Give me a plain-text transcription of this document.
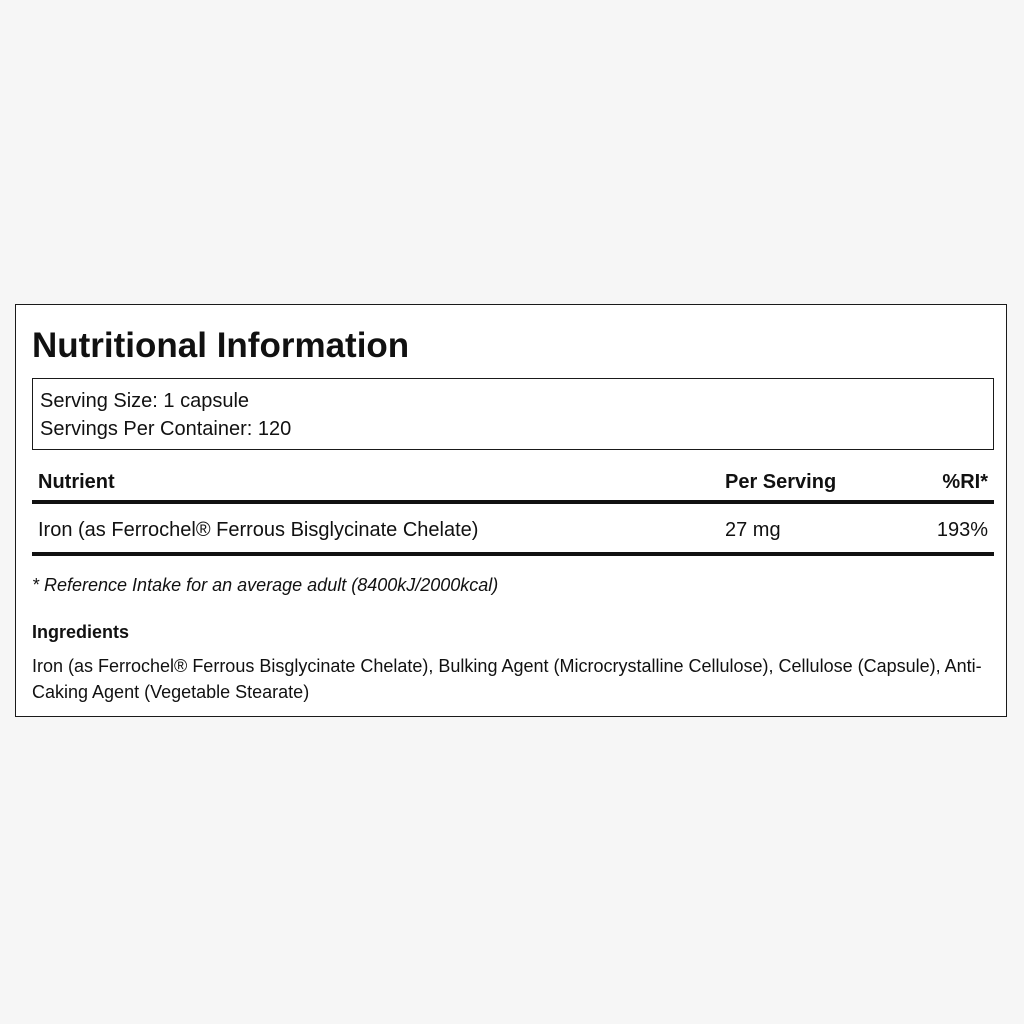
Nutritional Information
Serving Size: 1 capsule
Servings Per Container: 120
Nutrient	Per Serving	%RI*
Iron (as Ferrochel® Ferrous Bisglycinate Chelate)	27 mg	193%
* Reference Intake for an average adult (8400kJ/2000kcal)
Ingredients

Iron (as Ferrochel® Ferrous Bisglycinate Chelate), Bulking Agent (Microcrystalline Cellulose), Cellulose (Capsule), Anti-Caking Agent (Vegetable Stearate)
